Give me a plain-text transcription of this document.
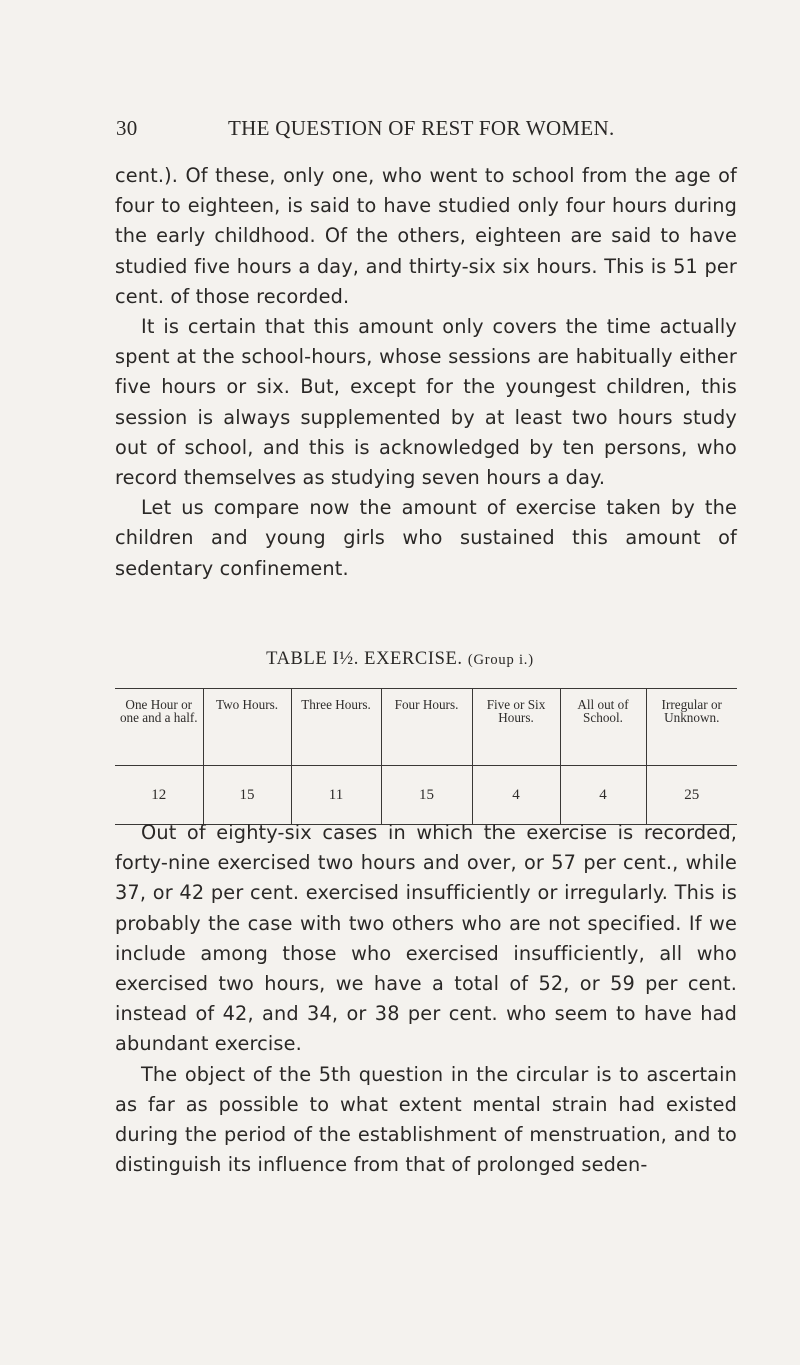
30	THE QUESTION OF REST FOR WOMEN.

cent.). Of these, only one, who went to school from the age of four to eighteen, is said to have studied only four hours during the early childhood. Of the others, eighteen are said to have studied five hours a day, and thirty-six six hours. This is 51 per cent. of those recorded.

It is certain that this amount only covers the time actually spent at the school-hours, whose sessions are habitually either five hours or six. But, except for the youngest children, this session is always supplemented by at least two hours study out of school, and this is acknowledged by ten persons, who record themselves as studying seven hours a day.

Let us compare now the amount of exercise taken by the children and young girls who sustained this amount of sedentary confinement.

TABLE I½. EXERCISE. (Group i.)
One Hour or one and a half.	Two Hours.	Three Hours.	Four Hours.	Five or Six Hours.	All out of School.	Irregular or Unknown.
12	15	11	15	4	4	25

Out of eighty-six cases in which the exercise is recorded, forty-nine exercised two hours and over, or 57 per cent., while 37, or 42 per cent. exercised insufficiently or irregularly. This is probably the case with two others who are not specified. If we include among those who exercised insufficiently, all who exercised two hours, we have a total of 52, or 59 per cent. instead of 42, and 34, or 38 per cent. who seem to have had abundant exercise.

The object of the 5th question in the circular is to ascertain as far as possible to what extent mental strain had existed during the period of the establishment of menstruation, and to distinguish its influence from that of prolonged seden-
